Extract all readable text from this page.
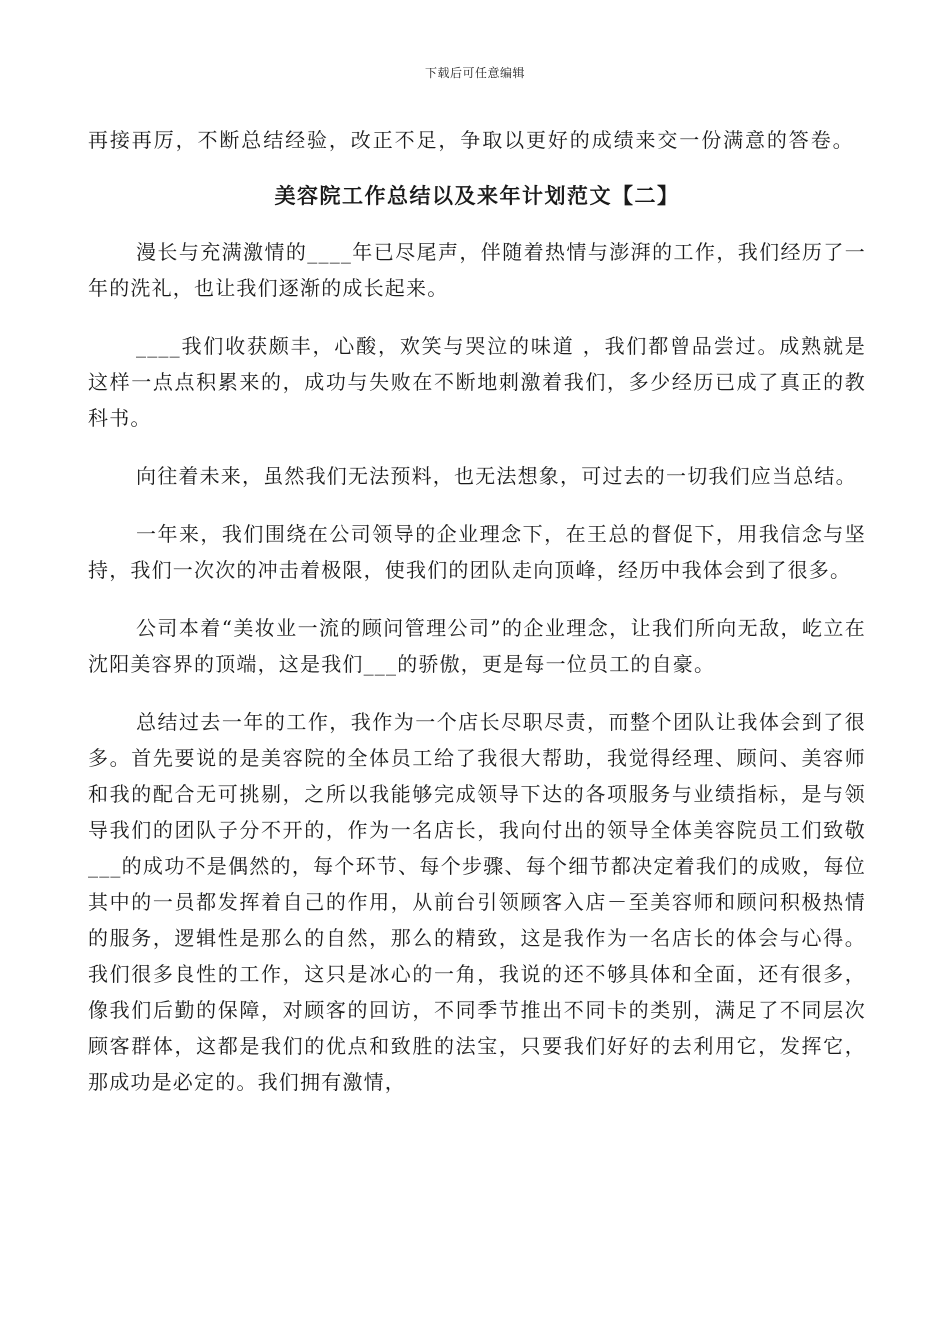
下载后可任意编辑

再接再厉，不断总结经验，改正不足，争取以更好的成绩来交一份满意的答卷。

美容院工作总结以及来年计划范文【二】

漫长与充满激情的____年已尽尾声，伴随着热情与澎湃的工作，我们经历了一年的洗礼，也让我们逐渐的成长起来。

____我们收获颇丰，心酸，欢笑与哭泣的味道 ，我们都曾品尝过。成熟就是这样一点点积累来的，成功与失败在不断地刺激着我们，多少经历已成了真正的教科书。

向往着未来，虽然我们无法预料，也无法想象，可过去的一切我们应当总结。

一年来，我们围绕在公司领导的企业理念下，在王总的督促下，用我信念与坚持，我们一次次的冲击着极限，使我们的团队走向顶峰，经历中我体会到了很多。

公司本着“美妆业一流的顾问管理公司”的企业理念，让我们所向无敌，屹立在沈阳美容界的顶端，这是我们___的骄傲，更是每一位员工的自豪。

总结过去一年的工作，我作为一个店长尽职尽责，而整个团队让我体会到了很多。首先要说的是美容院的全体员工给了我很大帮助，我觉得经理、顾问、美容师和我的配合无可挑剔，之所以我能够完成领导下达的各项服务与业绩指标，是与领导我们的团队子分不开的，作为一名店长，我向付出的领导全体美容院员工们致敬___的成功不是偶然的，每个环节、每个步骤、每个细节都决定着我们的成败，每位其中的一员都发挥着自己的作用，从前台引领顾客入店－至美容师和顾问积极热情的服务，逻辑性是那么的自然，那么的精致，这是我作为一名店长的体会与心得。我们很多良性的工作，这只是冰心的一角，我说的还不够具体和全面，还有很多，像我们后勤的保障，对顾客的回访，不同季节推出不同卡的类别，满足了不同层次顾客群体，这都是我们的优点和致胜的法宝，只要我们好好的去利用它，发挥它，那成功是必定的。我们拥有激情，
